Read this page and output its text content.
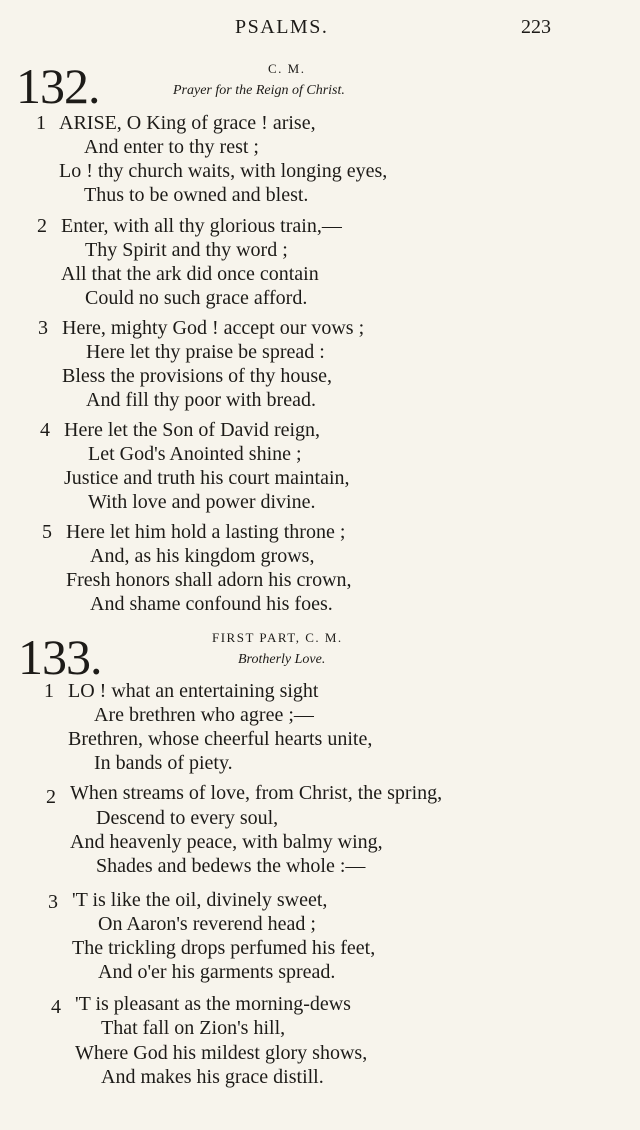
PSALMS.	223
132.	C. M.
Prayer for the Reign of Christ.
1 ARISE, O King of grace ! arise,
And enter to thy rest ;
Lo ! thy church waits, with longing eyes,
Thus to be owned and blest.
2 Enter, with all thy glorious train,—
Thy Spirit and thy word ;
All that the ark did once contain
Could no such grace afford.
3 Here, mighty God ! accept our vows ;
Here let thy praise be spread :
Bless the provisions of thy house,
And fill thy poor with bread.
4 Here let the Son of David reign,
Let God's Anointed shine ;
Justice and truth his court maintain,
With love and power divine.
5 Here let him hold a lasting throne ;
And, as his kingdom grows,
Fresh honors shall adorn his crown,
And shame confound his foes.
133.	FIRST PART, C. M.
Brotherly Love.
1 LO ! what an entertaining sight
Are brethren who agree ;—
Brethren, whose cheerful hearts unite,
In bands of piety.
2 When streams of love, from Christ, the spring,
Descend to every soul,
And heavenly peace, with balmy wing,
Shades and bedews the whole :—
3 'T is like the oil, divinely sweet,
On Aaron's reverend head ;
The trickling drops perfumed his feet,
And o'er his garments spread.
4 'T is pleasant as the morning-dews
That fall on Zion's hill,
Where God his mildest glory shows,
And makes his grace distill.
